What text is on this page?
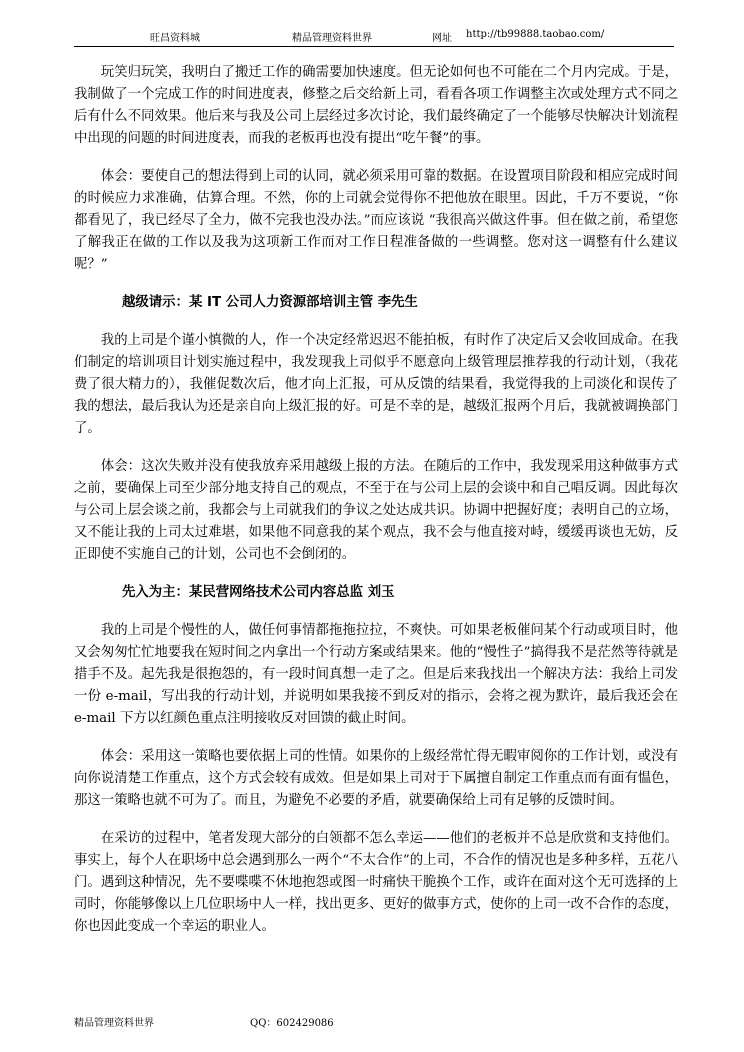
旺昌资料城	精品管理资料世界	网址 http://tb99888.taobao.com/

玩笑归玩笑，我明白了搬迁工作的确需要加快速度。但无论如何也不可能在二个月内完成。于是，我制做了一个完成工作的时间进度表，修整之后交给新上司，看看各项工作调整主次或处理方式不同之后有什么不同效果。他后来与我及公司上层经过多次讨论，我们最终确定了一个能够尽快解决计划流程中出现的问题的时间进度表，而我的老板再也没有提出“吃午餐”的事。

体会：要使自己的想法得到上司的认同，就必须采用可靠的数据。在设置项目阶段和相应完成时间的时候应力求准确，估算合理。不然，你的上司就会觉得你不把他放在眼里。因此，千万不要说，“你都看见了，我已经尽了全力，做不完我也没办法。”而应该说 “我很高兴做这件事。但在做之前，希望您了解我正在做的工作以及我为这项新工作而对工作日程准备做的一些调整。您对这一调整有什么建议呢？”

越级请示：某 IT 公司人力资源部培训主管 李先生

我的上司是个谨小慎微的人，作一个决定经常迟迟不能拍板，有时作了决定后又会收回成命。在我们制定的培训项目计划实施过程中，我发现我上司似乎不愿意向上级管理层推荐我的行动计划，（我花费了很大精力的），我催促数次后，他才向上汇报，可从反馈的结果看，我觉得我的上司淡化和误传了我的想法，最后我认为还是亲自向上级汇报的好。可是不幸的是，越级汇报两个月后，我就被调换部门了。

体会：这次失败并没有使我放弃采用越级上报的方法。在随后的工作中，我发现采用这种做事方式之前，要确保上司至少部分地支持自己的观点，不至于在与公司上层的会谈中和自己唱反调。因此每次与公司上层会谈之前，我都会与上司就我们的争议之处达成共识。协调中把握好度；表明自己的立场，又不能让我的上司太过难堪，如果他不同意我的某个观点，我不会与他直接对峙，缓缓再谈也无妨，反正即使不实施自己的计划，公司也不会倒闭的。

先入为主：某民营网络技术公司内容总监 刘玉

我的上司是个慢性的人，做任何事情都拖拖拉拉，不爽快。可如果老板催问某个行动或项目时，他又会匆匆忙忙地要我在短时间之内拿出一个行动方案或结果来。他的“慢性子”搞得我不是茫然等待就是措手不及。起先我是很抱怨的，有一段时间真想一走了之。但是后来我找出一个解决方法：我给上司发一份 e-mail，写出我的行动计划，并说明如果我接不到反对的指示，会将之视为默许，最后我还会在 e-mail 下方以红颜色重点注明接收反对回馈的截止时间。

体会：采用这一策略也要依据上司的性情。如果你的上级经常忙得无暇审阅你的工作计划，或没有向你说清楚工作重点，这个方式会较有成效。但是如果上司对于下属擅自制定工作重点而有面有愠色，那这一策略也就不可为了。而且，为避免不必要的矛盾，就要确保给上司有足够的反馈时间。

在采访的过程中，笔者发现大部分的白领都不怎么幸运——他们的老板并不总是欣赏和支持他们。事实上，每个人在职场中总会遇到那么一两个“不太合作”的上司，不合作的情况也是多种多样，五花八门。遇到这种情况，先不要喋喋不休地抱怨或图一时痛快干脆换个工作，或许在面对这个无可选择的上司时，你能够像以上几位职场中人一样，找出更多、更好的做事方式，使你的上司一改不合作的态度，你也因此变成一个幸运的职业人。

精品管理资料世界	QQ：602429086
